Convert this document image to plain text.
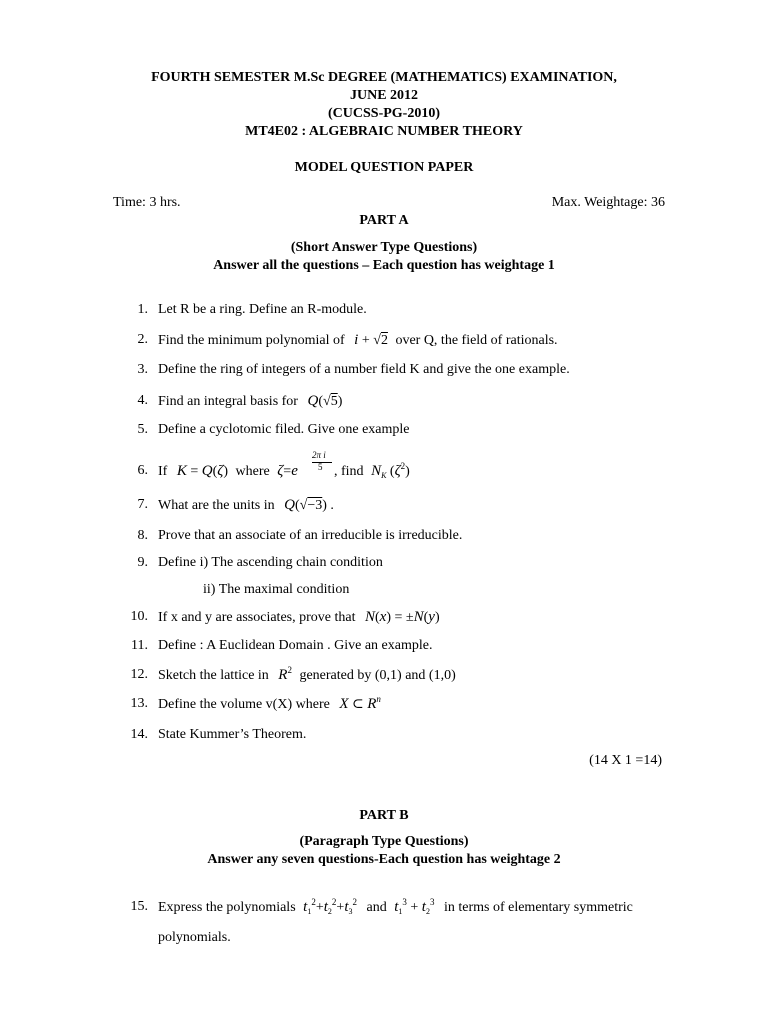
FOURTH SEMESTER M.Sc DEGREE (MATHEMATICS) EXAMINATION,
JUNE 2012
(CUCSS-PG-2010)
MT4E02 : ALGEBRAIC NUMBER THEORY
MODEL QUESTION PAPER
Time: 3 hrs.	Max. Weightage: 36
PART A
(Short Answer Type Questions)
Answer all the questions – Each question has weightage 1
1. Let R be a ring. Define an R-module.
2. Find the minimum polynomial of i + √2 over Q, the field of rationals.
3. Define the ring of integers of a number field K and give the one example.
4. Find an integral basis for Q(√5)
5. Define a cyclotomic filed. Give one example
6. If K = Q(ζ) where ζ=e
2π i
5 , find $N_K$ $(\zeta^2)$
7. What are the units in Q(√−3) .
8. Prove that an associate of an irreducible is irreducible.
9. Define i) The ascending chain condition
ii) The maximal condition
10. If x and y are associates, prove that N(x) = ±N(y)
11. Define : A Euclidean Domain . Give an example.
12. Sketch the lattice in $R^2$ generated by (0,1) and (1,0)
13. Define the volume v(X) where X ⊂ $R^n$
14. State Kummer’s Theorem.
(14 X 1 =14)
PART B
(Paragraph Type Questions)
Answer any seven questions-Each question has weightage 2
15. Express the polynomials $t_1^2+t_2^2+t_3^2$ and $t_1^3 + t_2^3$ in terms of elementary symmetric
polynomials.
